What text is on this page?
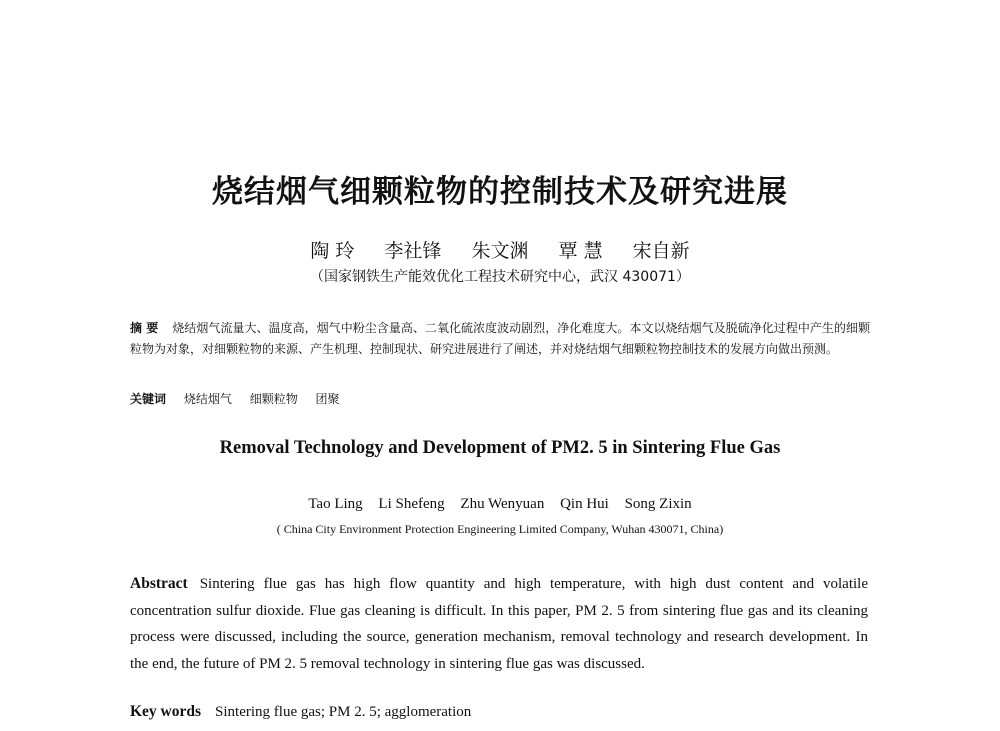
烧结烟气细颗粒物的控制技术及研究进展
陶 玲 李社锋 朱文渊 覃 慧 宋自新
（国家钢铁生产能效优化工程技术研究中心，武汉 430071）
摘 要 烧结烟气流量大、温度高，烟气中粉尘含量高、二氧化硫浓度波动剧烈，净化难度大。本文以烧结烟气及脱硫净化过程中产生的细颗粒物为对象，对细颗粒物的来源、产生机理、控制现状、研究进展进行了阐述，并对烧结烟气细颗粒物控制技术的发展方向做出预测。
关键词 烧结烟气 细颗粒物 团聚
Removal Technology and Development of PM2. 5 in Sintering Flue Gas
Tao Ling Li Shefeng Zhu Wenyuan Qin Hui Song Zixin
( China City Environment Protection Engineering Limited Company, Wuhan 430071, China)
Abstract Sintering flue gas has high flow quantity and high temperature, with high dust content and volatile concentration sulfur dioxide. Flue gas cleaning is difficult. In this paper, PM 2. 5 from sintering flue gas and its cleaning process were discussed, including the source, generation mechanism, removal technology and research development. In the end, the future of PM 2. 5 removal technology in sintering flue gas was discussed.
Key words Sintering flue gas; PM 2. 5; agglomeration
